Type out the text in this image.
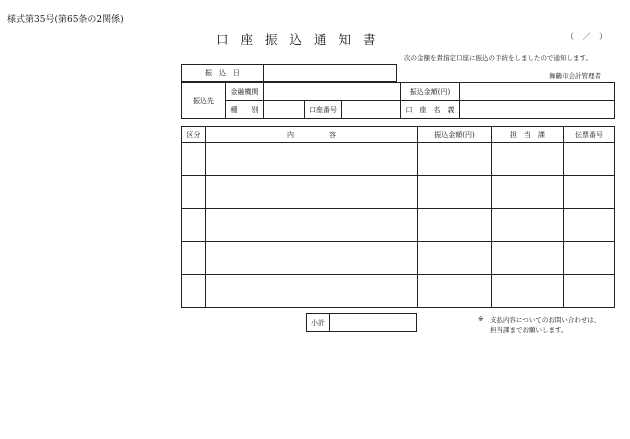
様式第35号(第65条の2関係)
口座振込通知書	（ ／ ）
次の金額を貴指定口座に振込の手続をしましたので通知します。
舞鶴市会計管理者
振　込　日	
振込先	金融機関				振込金額(円)	
	種　　別		口座番号		口　座　名　義	
区分	内　　　　　容	振込金額(円)	担　当　課	伝票番号

小計		※ 支払内容についてのお問い合わせは、
担当課までお願いします。
